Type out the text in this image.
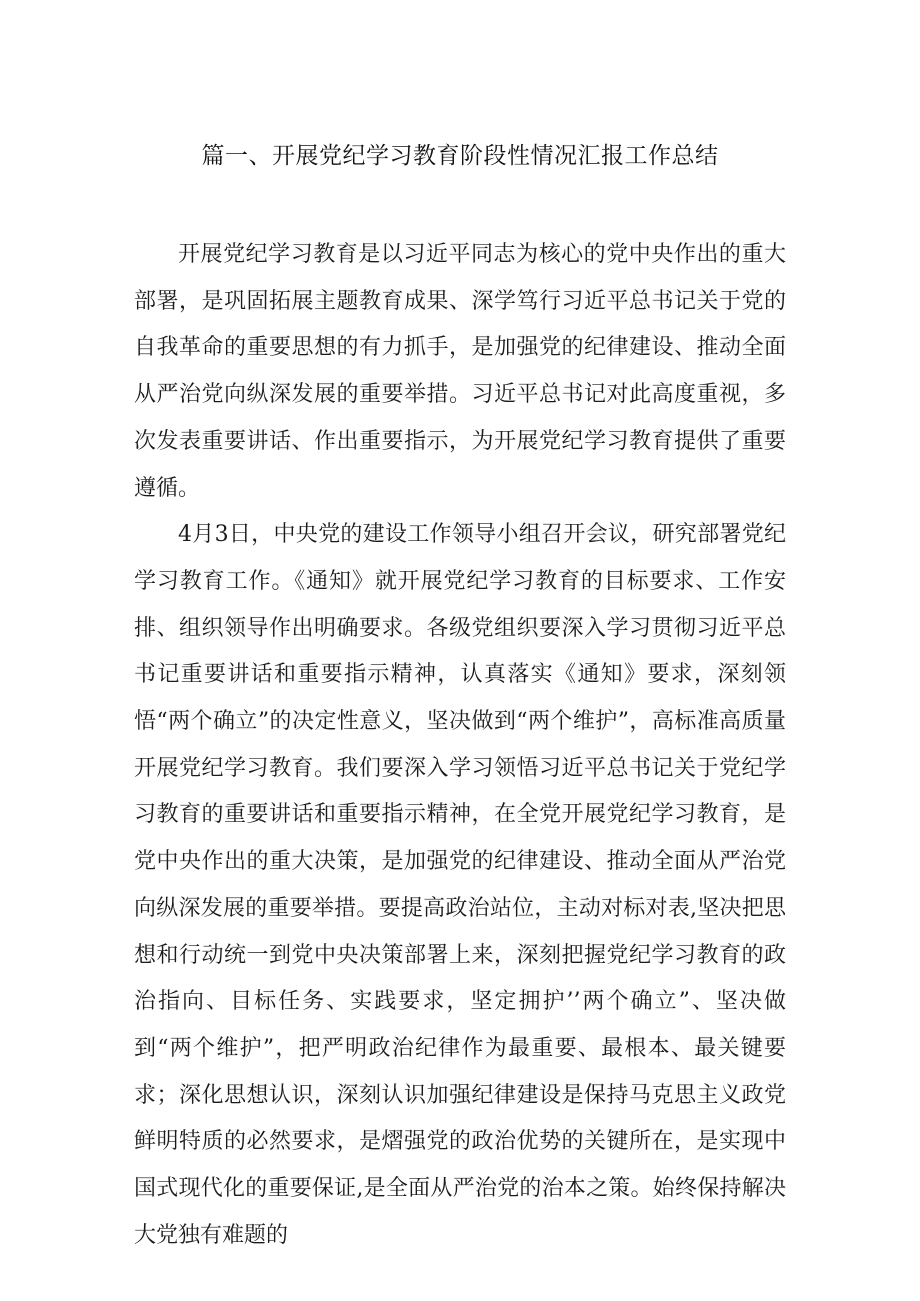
篇一、开展党纪学习教育阶段性情况汇报工作总结

开展党纪学习教育是以习近平同志为核心的党中央作出的重大部署，是巩固拓展主题教育成果、深学笃行习近平总书记关于党的自我革命的重要思想的有力抓手，是加强党的纪律建设、推动全面从严治党向纵深发展的重要举措。习近平总书记对此高度重视，多次发表重要讲话、作出重要指示，为开展党纪学习教育提供了重要遵循。

4月3日，中央党的建设工作领导小组召开会议，研究部署党纪学习教育工作。《通知》就开展党纪学习教育的目标要求、工作安排、组织领导作出明确要求。各级党组织要深入学习贯彻习近平总书记重要讲话和重要指示精神，认真落实《通知》要求，深刻领悟“两个确立”的决定性意义，坚决做到“两个维护”，高标准高质量开展党纪学习教育。我们要深入学习领悟习近平总书记关于党纪学习教育的重要讲话和重要指示精神，在全党开展党纪学习教育，是党中央作出的重大决策，是加强党的纪律建设、推动全面从严治党向纵深发展的重要举措。要提高政治站位，主动对标对表,坚决把思想和行动统一到党中央决策部署上来，深刻把握党纪学习教育的政治指向、目标任务、实践要求，坚定拥护’’两个确立”、坚决做到“两个维护”，把严明政治纪律作为最重要、最根本、最关键要求；深化思想认识，深刻认识加强纪律建设是保持马克思主义政党鲜明特质的必然要求，是熠强党的政治优势的关键所在，是实现中国式现代化的重要保证,是全面从严治党的治本之策。始终保持解决大党独有难题的
